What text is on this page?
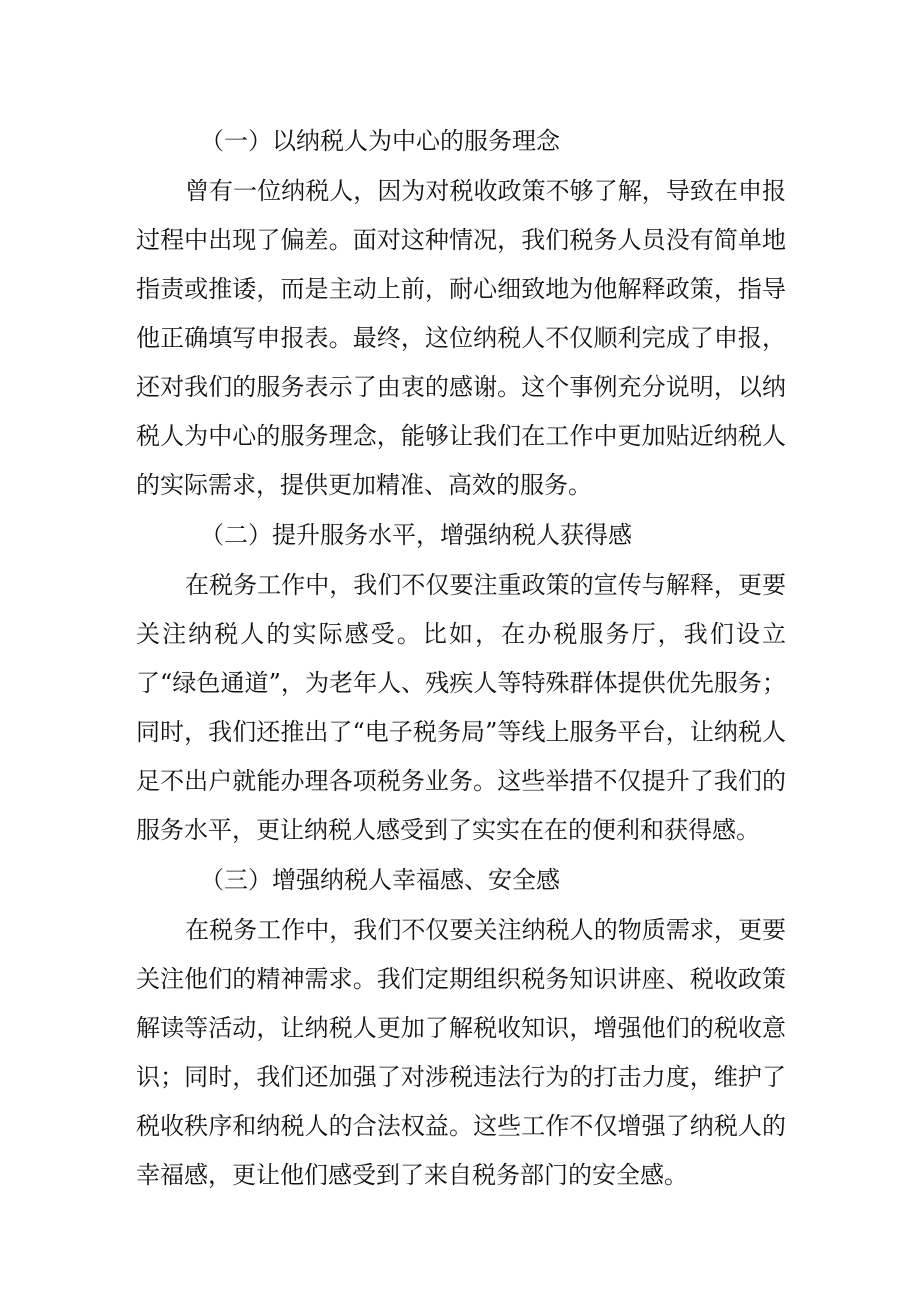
（一）以纳税人为中心的服务理念

曾有一位纳税人，因为对税收政策不够了解，导致在申报过程中出现了偏差。面对这种情况，我们税务人员没有简单地指责或推诿，而是主动上前，耐心细致地为他解释政策，指导他正确填写申报表。最终，这位纳税人不仅顺利完成了申报，还对我们的服务表示了由衷的感谢。这个事例充分说明，以纳税人为中心的服务理念，能够让我们在工作中更加贴近纳税人的实际需求，提供更加精准、高效的服务。

（二）提升服务水平，增强纳税人获得感

在税务工作中，我们不仅要注重政策的宣传与解释，更要关注纳税人的实际感受。比如，在办税服务厅，我们设立了“绿色通道”，为老年人、残疾人等特殊群体提供优先服务；同时，我们还推出了“电子税务局”等线上服务平台，让纳税人足不出户就能办理各项税务业务。这些举措不仅提升了我们的服务水平，更让纳税人感受到了实实在在的便利和获得感。

（三）增强纳税人幸福感、安全感

在税务工作中，我们不仅要关注纳税人的物质需求，更要关注他们的精神需求。我们定期组织税务知识讲座、税收政策解读等活动，让纳税人更加了解税收知识，增强他们的税收意识；同时，我们还加强了对涉税违法行为的打击力度，维护了税收秩序和纳税人的合法权益。这些工作不仅增强了纳税人的幸福感，更让他们感受到了来自税务部门的安全感。
